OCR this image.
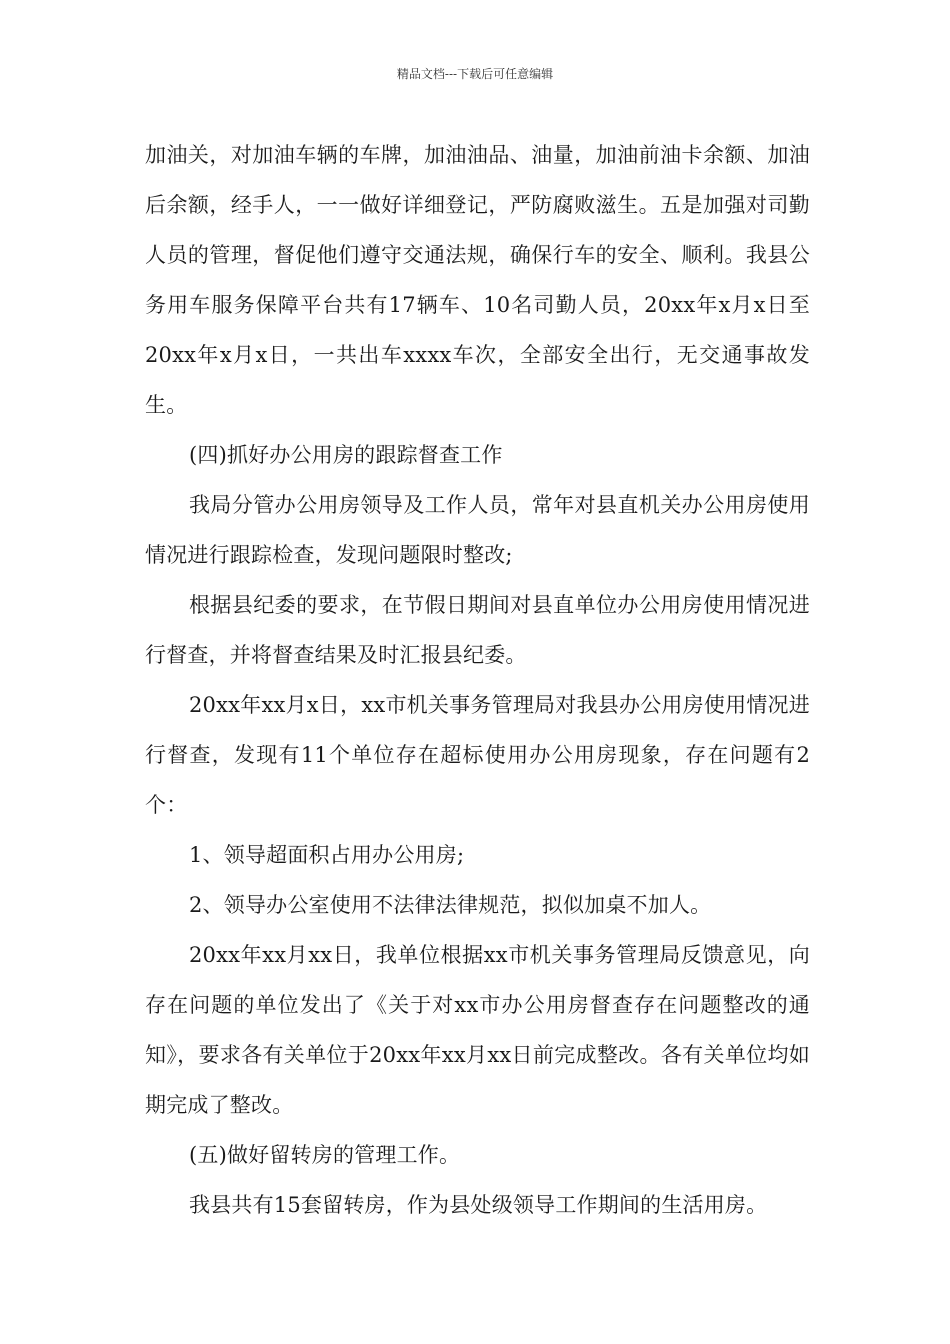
精品文档---下载后可任意编辑

加油关，对加油车辆的车牌，加油油品、油量，加油前油卡余额、加油后余额，经手人，一一做好详细登记，严防腐败滋生。五是加强对司勤人员的管理，督促他们遵守交通法规，确保行车的安全、顺利。我县公务用车服务保障平台共有17辆车、10名司勤人员，20xx年x月x日至20xx年x月x日，一共出车xxxx车次，全部安全出行，无交通事故发生。

(四)抓好办公用房的跟踪督查工作

我局分管办公用房领导及工作人员，常年对县直机关办公用房使用情况进行跟踪检查，发现问题限时整改;

根据县纪委的要求，在节假日期间对县直单位办公用房使用情况进行督查，并将督查结果及时汇报县纪委。

20xx年xx月x日，xx市机关事务管理局对我县办公用房使用情况进行督查，发现有11个单位存在超标使用办公用房现象，存在问题有2个：

1、领导超面积占用办公用房;

2、领导办公室使用不法律法律规范，拟似加桌不加人。

20xx年xx月xx日，我单位根据xx市机关事务管理局反馈意见，向存在问题的单位发出了《关于对xx市办公用房督查存在问题整改的通知》，要求各有关单位于20xx年xx月xx日前完成整改。各有关单位均如期完成了整改。

(五)做好留转房的管理工作。

我县共有15套留转房，作为县处级领导工作期间的生活用房。
